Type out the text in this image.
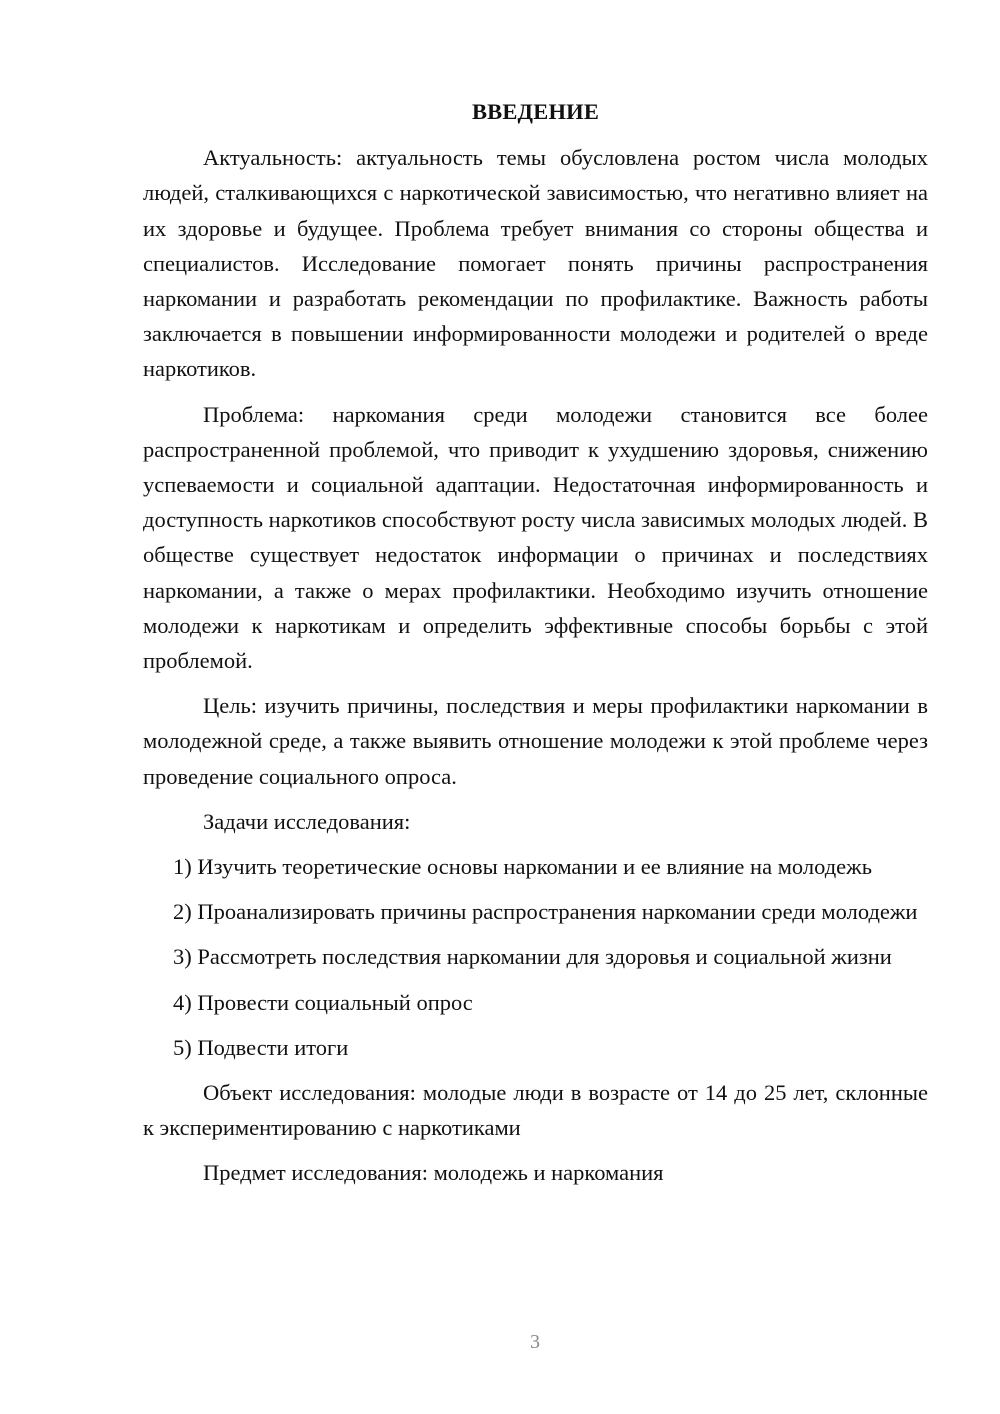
ВВЕДЕНИЕ

Актуальность: актуальность темы обусловлена ростом числа молодых людей, сталкивающихся с наркотической зависимостью, что негативно влияет на их здоровье и будущее. Проблема требует внимания со стороны общества и специалистов. Исследование помогает понять причины распространения наркомании и разработать рекомендации по профилактике. Важность работы заключается в повышении информированности молодежи и родителей о вреде наркотиков.

Проблема: наркомания среди молодежи становится все более распространенной проблемой, что приводит к ухудшению здоровья, снижению успеваемости и социальной адаптации. Недостаточная информированность и доступность наркотиков способствуют росту числа зависимых молодых людей. В обществе существует недостаток информации о причинах и последствиях наркомании, а также о мерах профилактики. Необходимо изучить отношение молодежи к наркотикам и определить эффективные способы борьбы с этой проблемой.

Цель: изучить причины, последствия и меры профилактики наркомании в молодежной среде, а также выявить отношение молодежи к этой проблеме через проведение социального опроса.

Задачи исследования:

1) Изучить теоретические основы наркомании и ее влияние на молодежь

2) Проанализировать причины распространения наркомании среди молодежи

3) Рассмотреть последствия наркомании для здоровья и социальной жизни

4) Провести социальный опрос

5) Подвести итоги

Объект исследования: молодые люди в возрасте от 14 до 25 лет, склонные к экспериментированию с наркотиками

Предмет исследования: молодежь и наркомания

3
